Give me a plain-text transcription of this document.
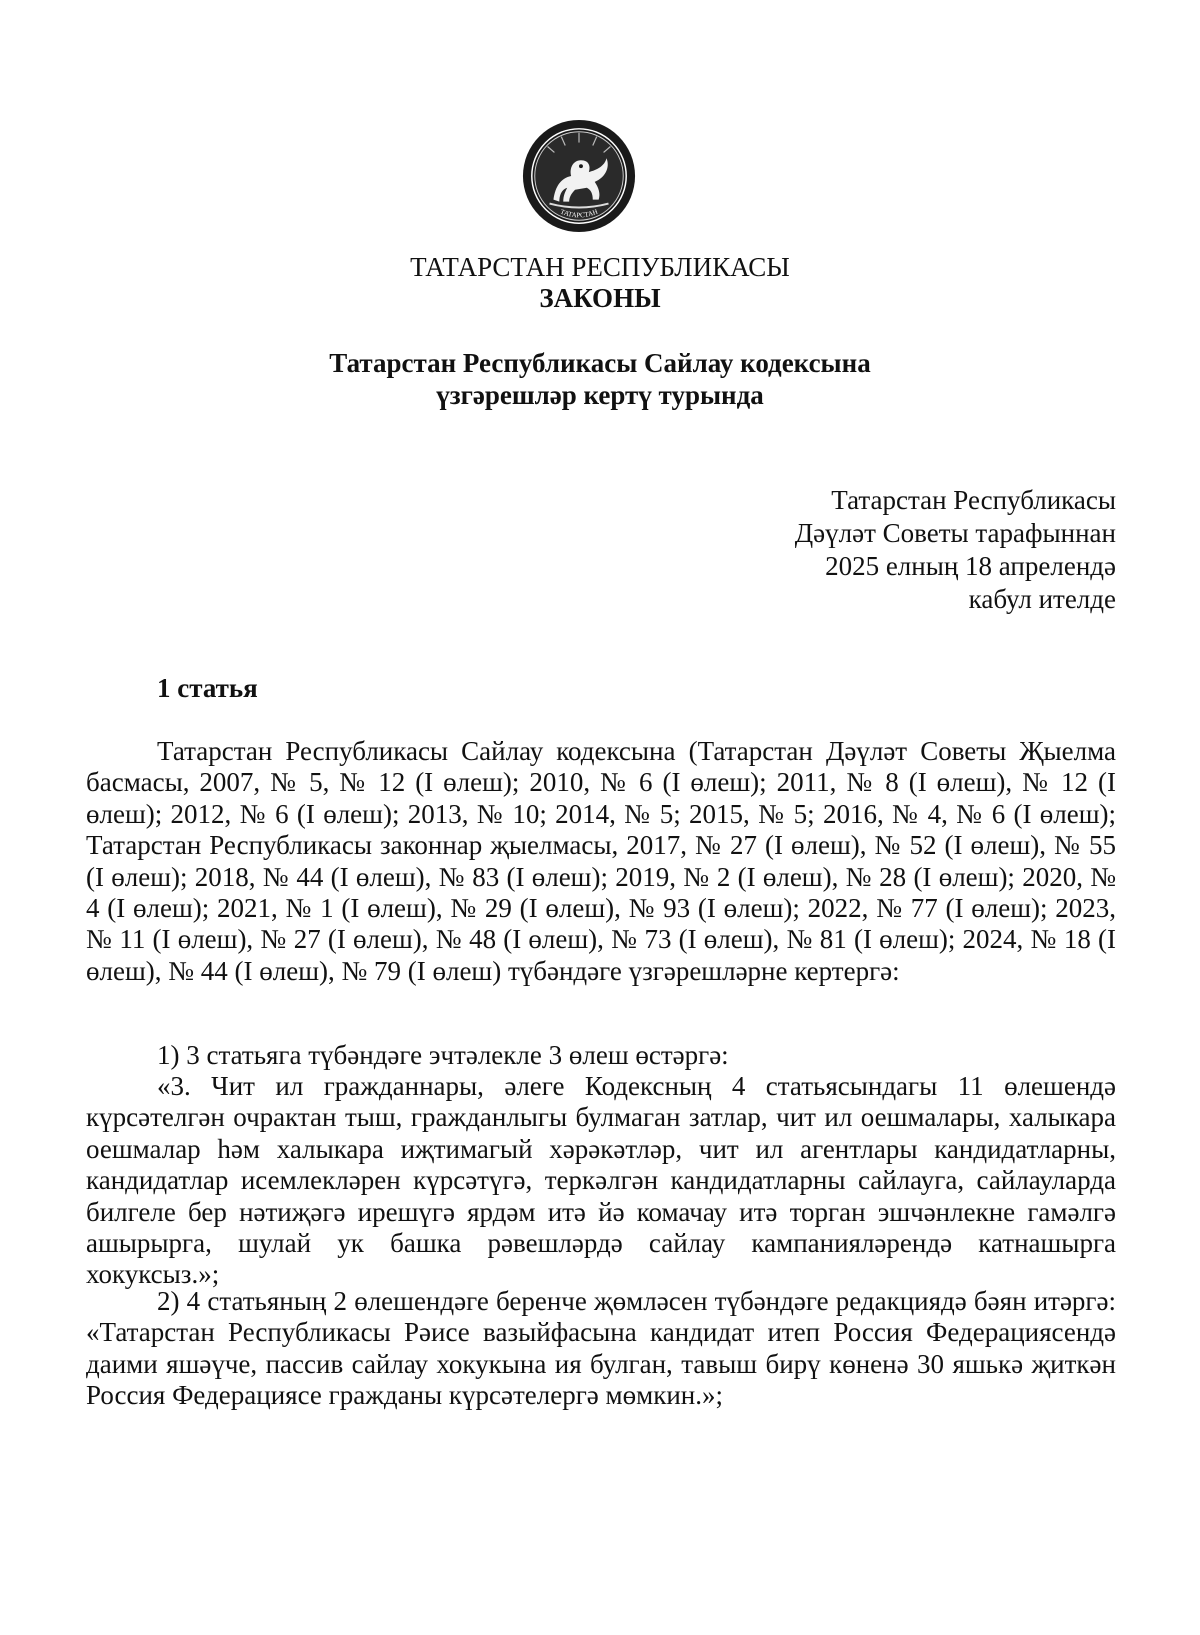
ТАТАРСТАН
ТАТАРСТАН РЕСПУБЛИКАСЫ
ЗАКОНЫ
Татарстан Республикасы Сайлау кодексына
үзгәрешләр кертү турында
Татарстан Республикасы
Дәүләт Советы тарафыннан
2025 елның 18 апрелендә
кабул ителде
1 статья

Татарстан Республикасы Сайлау кодексына (Татарстан Дәүләт Советы Җыелма басмасы, 2007, № 5, № 12 (I өлеш); 2010, № 6 (I өлеш); 2011, № 8 (I өлеш), № 12 (I өлеш); 2012, № 6 (I өлеш); 2013, № 10; 2014, № 5; 2015, № 5; 2016, № 4, № 6 (I өлеш); Татарстан Республикасы законнар җыелмасы, 2017, № 27 (I өлеш), № 52 (I өлеш), № 55 (I өлеш); 2018, № 44 (I өлеш), № 83 (I өлеш); 2019, № 2 (I өлеш), № 28 (I өлеш); 2020, № 4 (I өлеш); 2021, № 1 (I өлеш), № 29 (I өлеш), № 93 (I өлеш); 2022, № 77 (I өлеш); 2023, № 11 (I өлеш), № 27 (I өлеш), № 48 (I өлеш), № 73 (I өлеш), № 81 (I өлеш); 2024, № 18 (I өлеш), № 44 (I өлеш), № 79 (I өлеш) түбәндәге үзгәрешләрне кертергә:

1) 3 статьяга түбәндәге эчтәлекле 3 өлеш өстәргә:

«3. Чит ил гражданнары, әлеге Кодексның 4 статьясындагы 11 өлешендә күрсәтелгән очрактан тыш, гражданлыгы булмаган затлар, чит ил оешмалары, халыкара оешмалар һәм халыкара иҗтимагый хәрәкәтләр, чит ил агентлары кандидатларны, кандидатлар исемлекләрен күрсәтүгә, теркәлгән кандидатларны сайлауга, сайлауларда билгеле бер нәтиҗәгә ирешүгә ярдәм итә йә комачау итә торган эшчәнлекне гамәлгә ашырырга, шулай ук башка рәвешләрдә сайлау кампанияләрендә катнашырга хокуксыз.»;

2) 4 статьяның 2 өлешендәге беренче җөмләсен түбәндәге редакциядә бәян итәргә: «Татарстан Республикасы Рәисе вазыйфасына кандидат итеп Россия Федерациясендә даими яшәүче, пассив сайлау хокукына ия булган, тавыш бирү көненә 30 яшькә җиткән Россия Федерациясе гражданы күрсәтелергә мөмкин.»;
